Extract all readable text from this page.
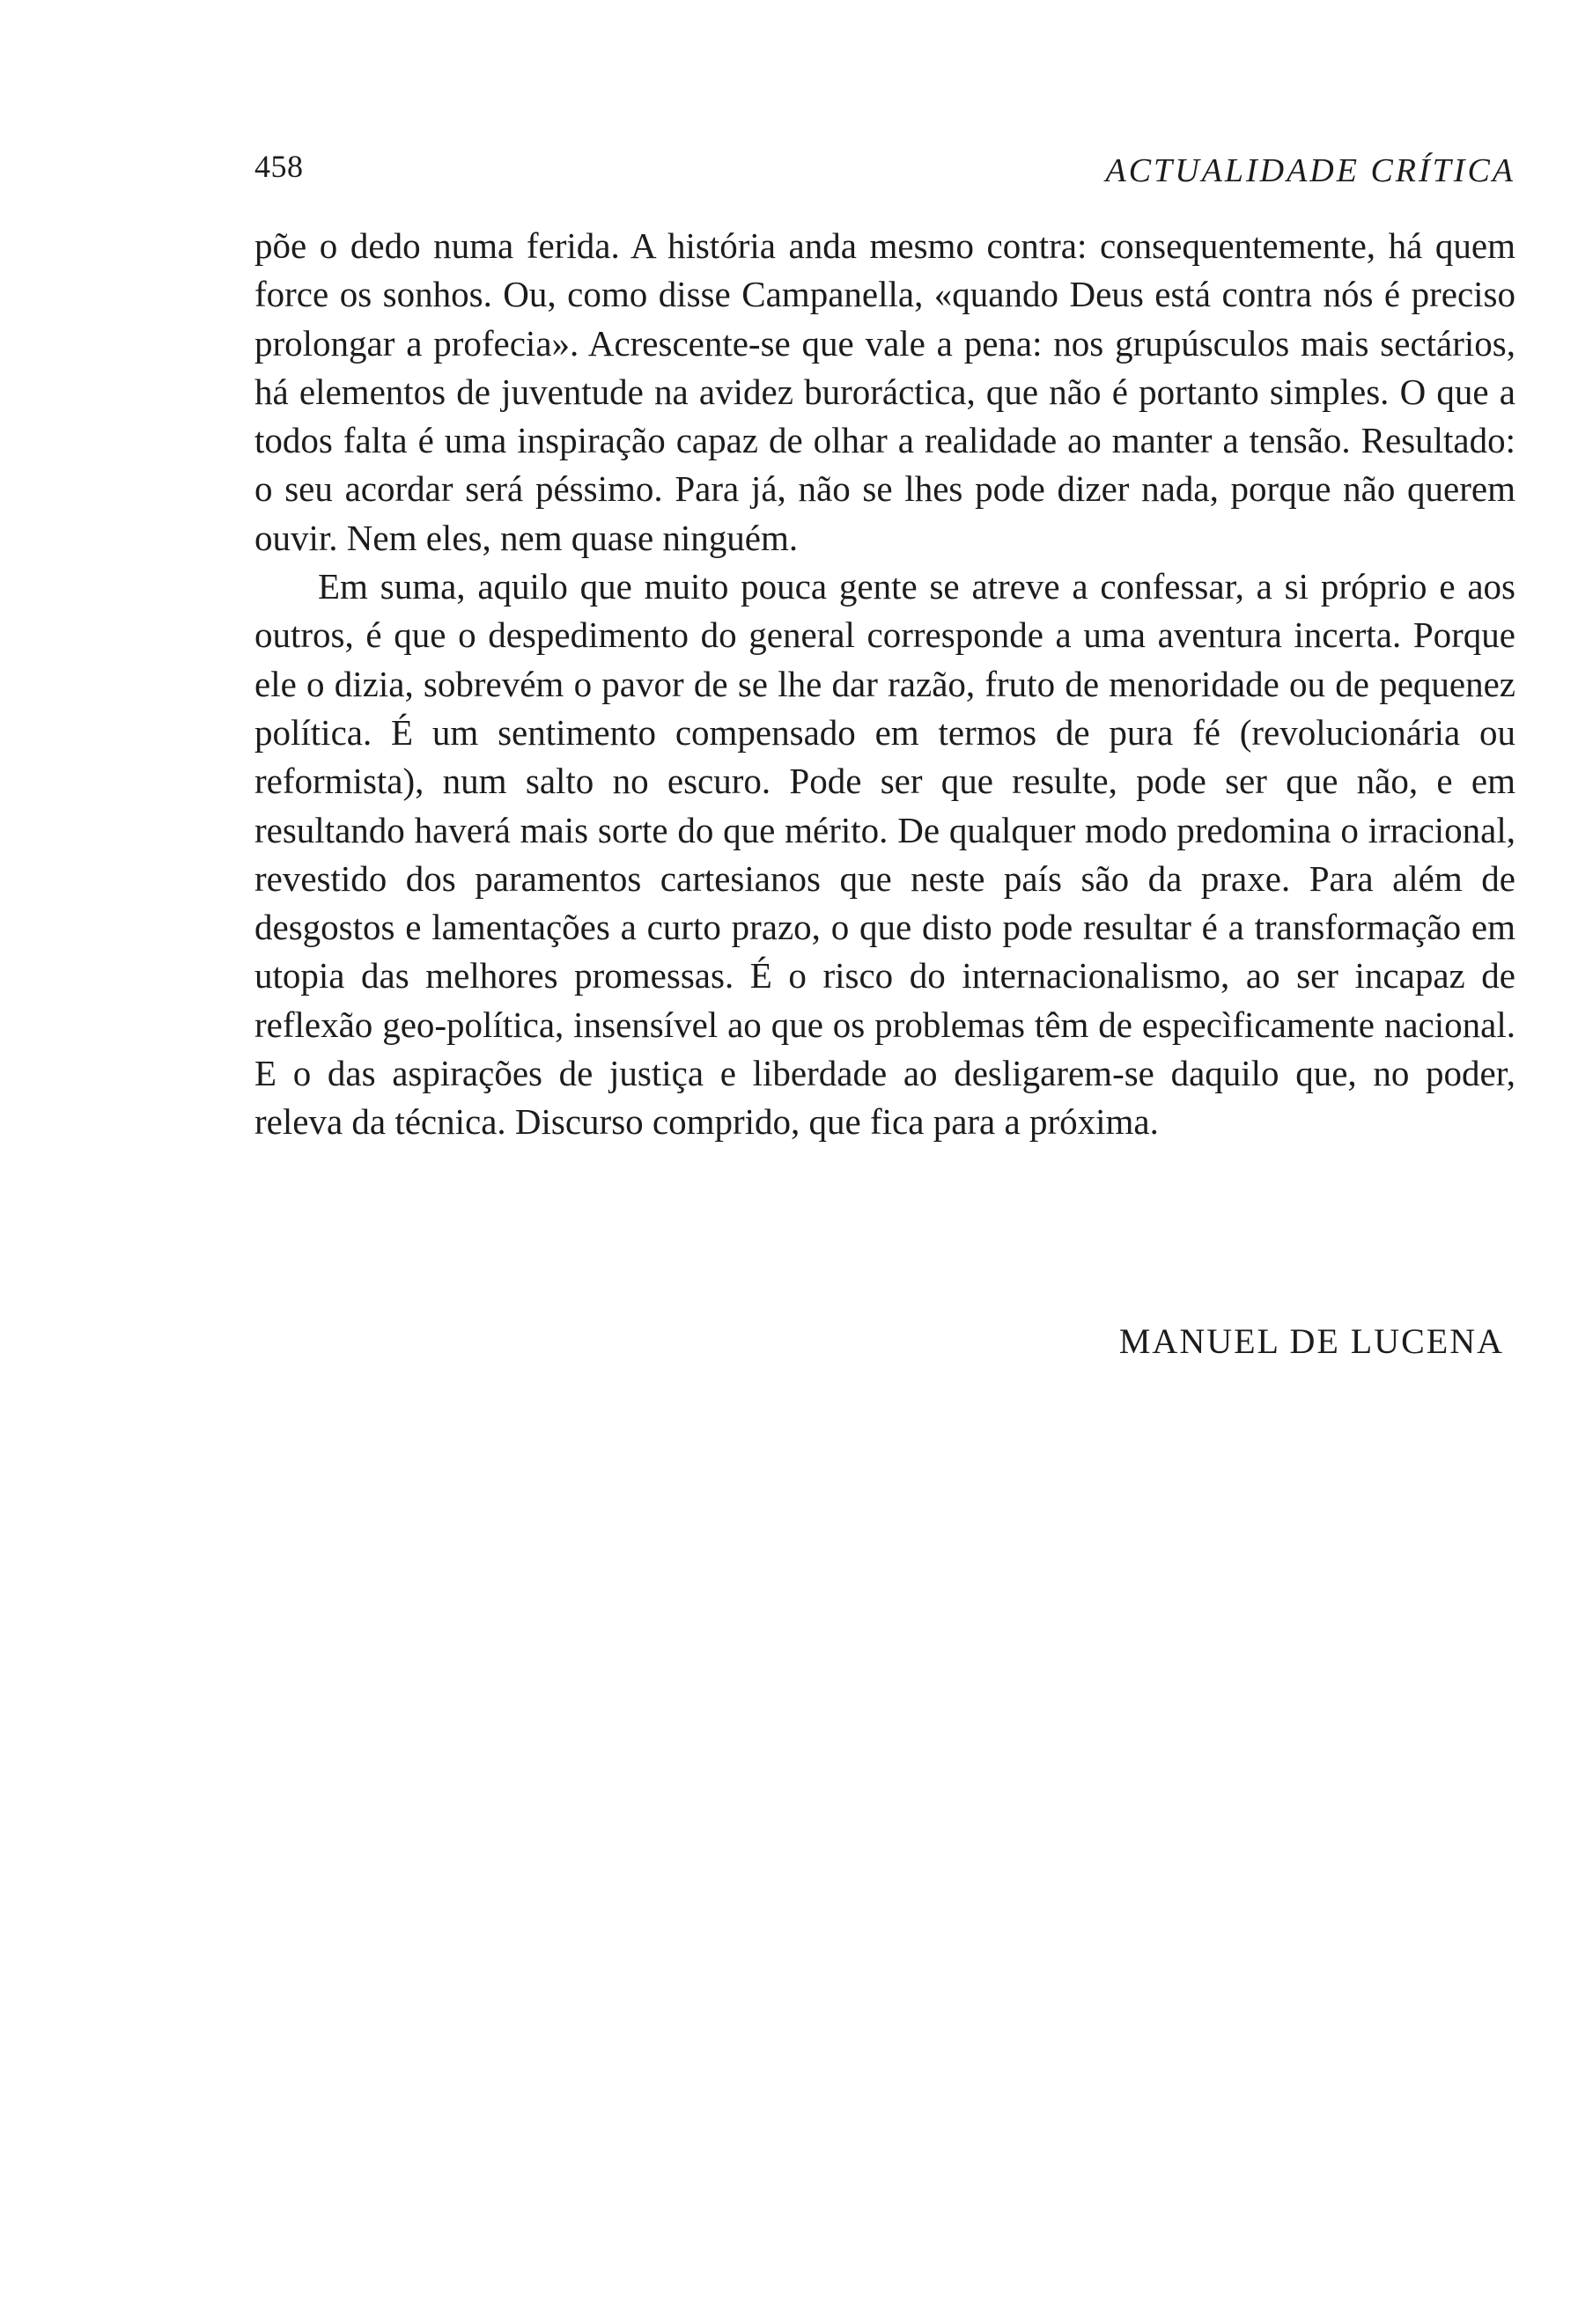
458	ACTUALIDADE CRÍTICA

põe o dedo numa ferida. A história anda mesmo contra: consequentemente, há quem force os sonhos. Ou, como disse Campanella, «quando Deus está contra nós é preciso prolongar a profecia». Acrescente-se que vale a pena: nos grupúsculos mais sectários, há elementos de juventude na avidez buroráctica, que não é portanto simples. O que a todos falta é uma inspiração capaz de olhar a realidade ao manter a tensão. Resultado: o seu acordar será péssimo. Para já, não se lhes pode dizer nada, porque não querem ouvir. Nem eles, nem quase ninguém.

Em suma, aquilo que muito pouca gente se atreve a confessar, a si próprio e aos outros, é que o despedimento do general corresponde a uma aventura incerta. Porque ele o dizia, sobrevém o pavor de se lhe dar razão, fruto de menoridade ou de pequenez política. É um sentimento compensado em termos de pura fé (revolucionária ou reformista), num salto no escuro. Pode ser que resulte, pode ser que não, e em resultando haverá mais sorte do que mérito. De qualquer modo predomina o irracional, revestido dos paramentos cartesianos que neste país são da praxe. Para além de desgostos e lamentações a curto prazo, o que disto pode resultar é a transformação em utopia das melhores promessas. É o risco do internacionalismo, ao ser incapaz de reflexão geo-política, insensível ao que os problemas têm de especìficamente nacional. E o das aspirações de justiça e liberdade ao desligarem-se daquilo que, no poder, releva da técnica. Discurso comprido, que fica para a próxima.

MANUEL DE LUCENA
